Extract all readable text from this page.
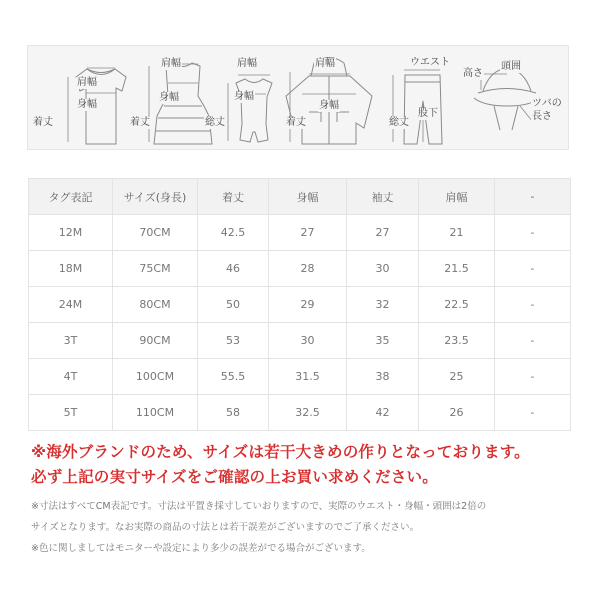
肩幅
身幅
着丈
肩幅
身幅
着丈
肩幅
身幅
総丈
肩幅
身幅
着丈
ウエスト
股下
総丈
高さ
頭囲
ツバの
長さ
タグ表記	サイズ(身長)	着丈	身幅	袖丈	肩幅	-
12M	70CM	42.5	27	27	21	-
18M	75CM	46	28	30	21.5	-
24M	80CM	50	29	32	22.5	-
3T	90CM	53	30	35	23.5	-
4T	100CM	55.5	31.5	38	25	-
5T	110CM	58	32.5	42	26	-
※海外ブランドのため、サイズは若干大きめの作りとなっております。
必ず上記の実寸サイズをご確認の上お買い求めください。
※寸法はすべてCM表記です。寸法は平置き採寸していおりますので、実際のウエスト・身幅・頭囲は2倍の
サイズとなります。なお実際の商品の寸法とは若干誤差がございますのでご了承ください。
※色に関しましてはモニターや設定により多少の誤差がでる場合がございます。
